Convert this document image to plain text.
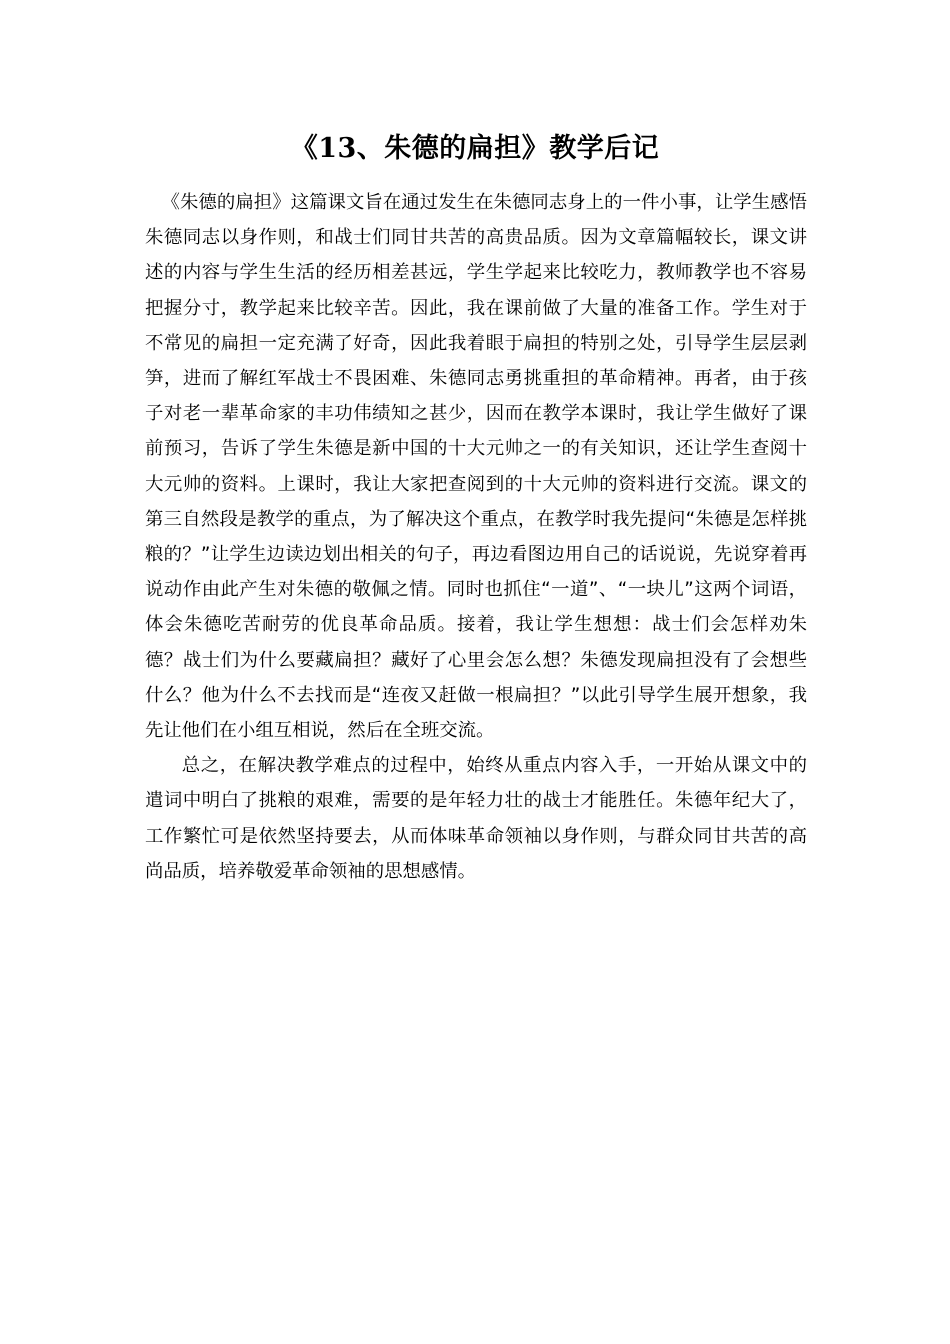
《13、朱德的扁担》教学后记

《朱德的扁担》这篇课文旨在通过发生在朱德同志身上的一件小事，让学生感悟朱德同志以身作则，和战士们同甘共苦的高贵品质。因为文章篇幅较长，课文讲述的内容与学生生活的经历相差甚远，学生学起来比较吃力，教师教学也不容易把握分寸，教学起来比较辛苦。因此，我在课前做了大量的准备工作。学生对于不常见的扁担一定充满了好奇，因此我着眼于扁担的特别之处，引导学生层层剥笋，进而了解红军战士不畏困难、朱德同志勇挑重担的革命精神。再者，由于孩子对老一辈革命家的丰功伟绩知之甚少，因而在教学本课时，我让学生做好了课前预习，告诉了学生朱德是新中国的十大元帅之一的有关知识，还让学生查阅十大元帅的资料。上课时，我让大家把查阅到的十大元帅的资料进行交流。课文的第三自然段是教学的重点，为了解决这个重点，在教学时我先提问“朱德是怎样挑粮的？”让学生边读边划出相关的句子，再边看图边用自己的话说说，先说穿着再说动作由此产生对朱德的敬佩之情。同时也抓住“一道”、“一块儿”这两个词语，体会朱德吃苦耐劳的优良革命品质。接着，我让学生想想：战士们会怎样劝朱德？战士们为什么要藏扁担？藏好了心里会怎么想？朱德发现扁担没有了会想些什么？他为什么不去找而是“连夜又赶做一根扁担？”以此引导学生展开想象，我先让他们在小组互相说，然后在全班交流。

总之，在解决教学难点的过程中，始终从重点内容入手，一开始从课文中的遣词中明白了挑粮的艰难，需要的是年轻力壮的战士才能胜任。朱德年纪大了，工作繁忙可是依然坚持要去，从而体味革命领袖以身作则，与群众同甘共苦的高尚品质，培养敬爱革命领袖的思想感情。
